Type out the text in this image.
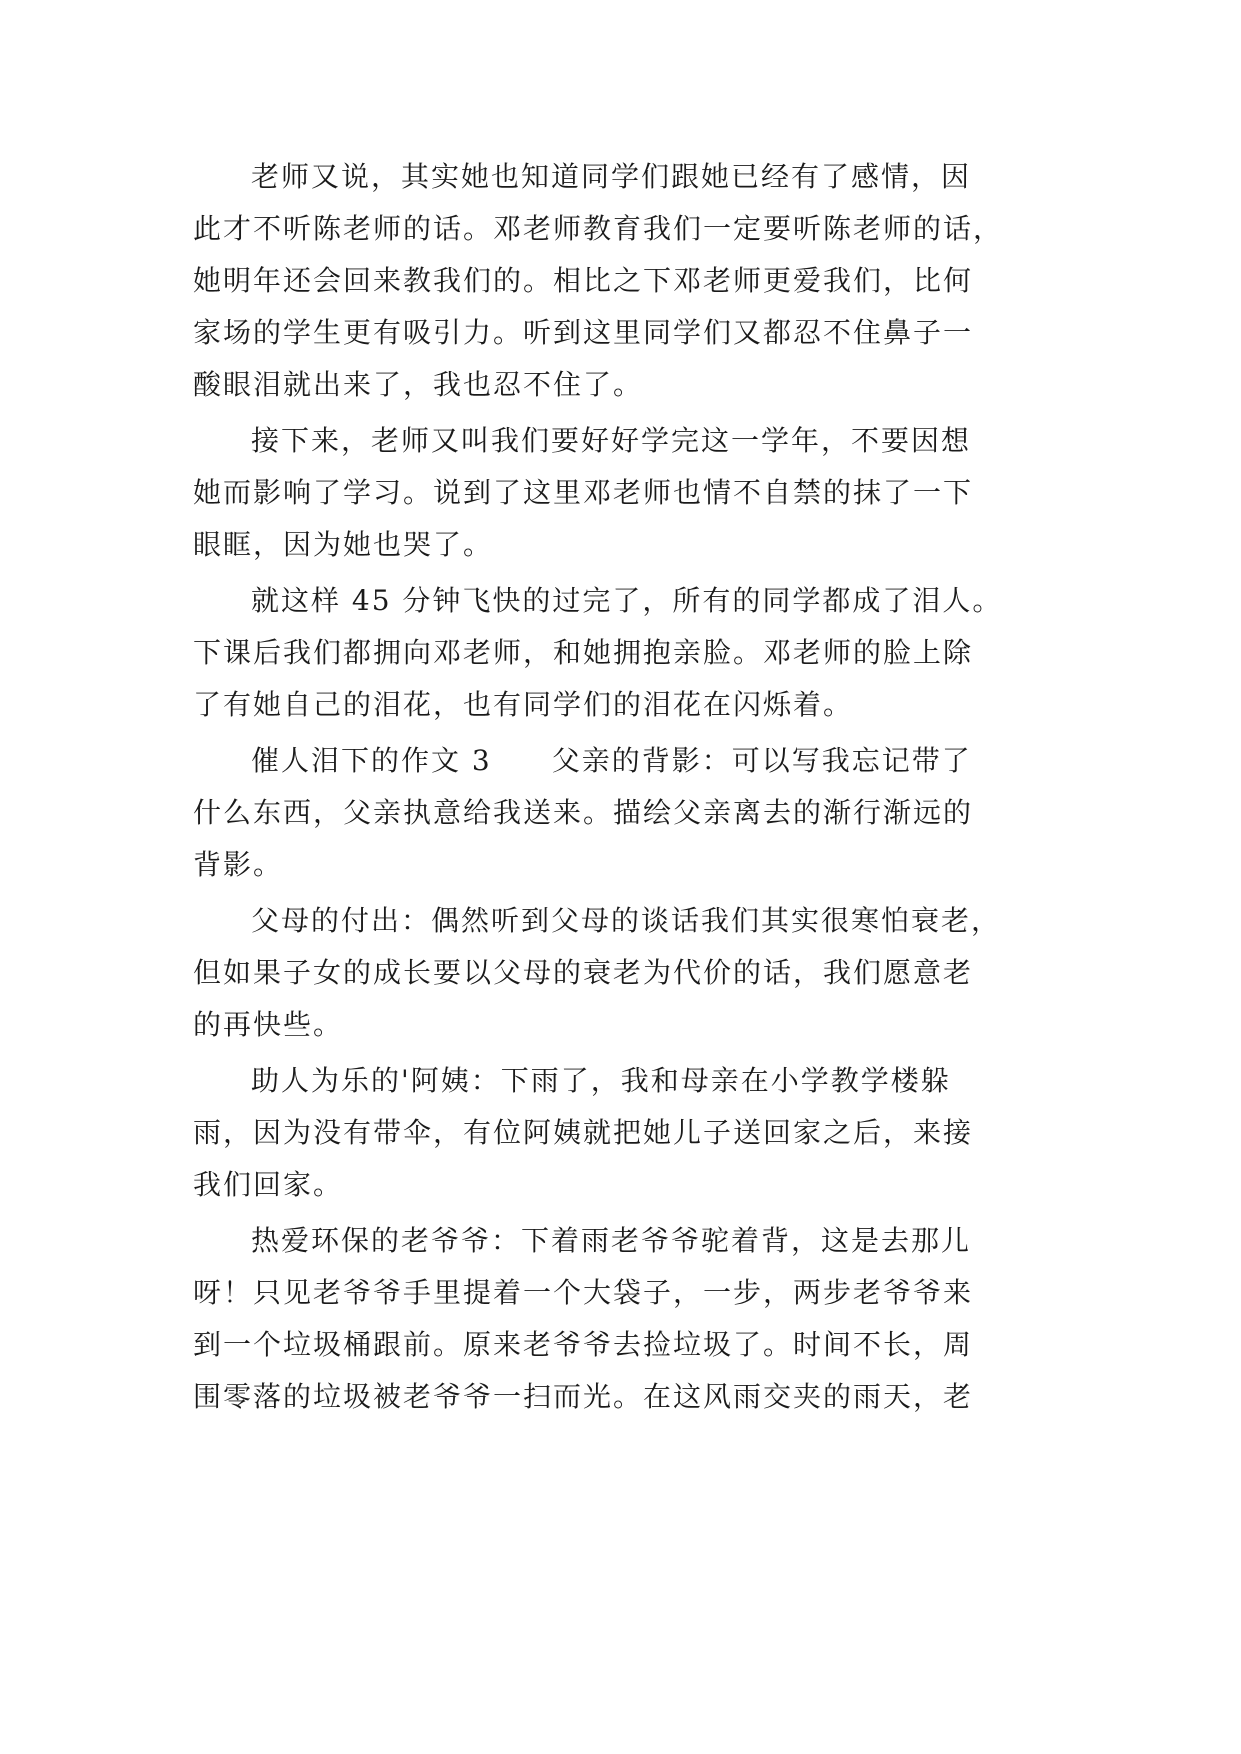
老师又说，其实她也知道同学们跟她已经有了感情，因
此才不听陈老师的话。邓老师教育我们一定要听陈老师的话，
她明年还会回来教我们的。相比之下邓老师更爱我们，比何
家场的学生更有吸引力。听到这里同学们又都忍不住鼻子一
酸眼泪就出来了，我也忍不住了。
接下来，老师又叫我们要好好学完这一学年，不要因想
她而影响了学习。说到了这里邓老师也情不自禁的抹了一下
眼眶，因为她也哭了。
就这样 45 分钟飞快的过完了，所有的同学都成了泪人。
下课后我们都拥向邓老师，和她拥抱亲脸。邓老师的脸上除
了有她自己的泪花，也有同学们的泪花在闪烁着。
催人泪下的作文 3　　父亲的背影：可以写我忘记带了
什么东西，父亲执意给我送来。描绘父亲离去的渐行渐远的
背影。
父母的付出：偶然听到父母的谈话我们其实很寒怕衰老，
但如果子女的成长要以父母的衰老为代价的话，我们愿意老
的再快些。
助人为乐的'阿姨：下雨了，我和母亲在小学教学楼躲
雨，因为没有带伞，有位阿姨就把她儿子送回家之后，来接
我们回家。
热爱环保的老爷爷：下着雨老爷爷驼着背，这是去那儿
呀！只见老爷爷手里提着一个大袋子，一步，两步老爷爷来
到一个垃圾桶跟前。原来老爷爷去捡垃圾了。时间不长，周
围零落的垃圾被老爷爷一扫而光。在这风雨交夹的雨天，老
